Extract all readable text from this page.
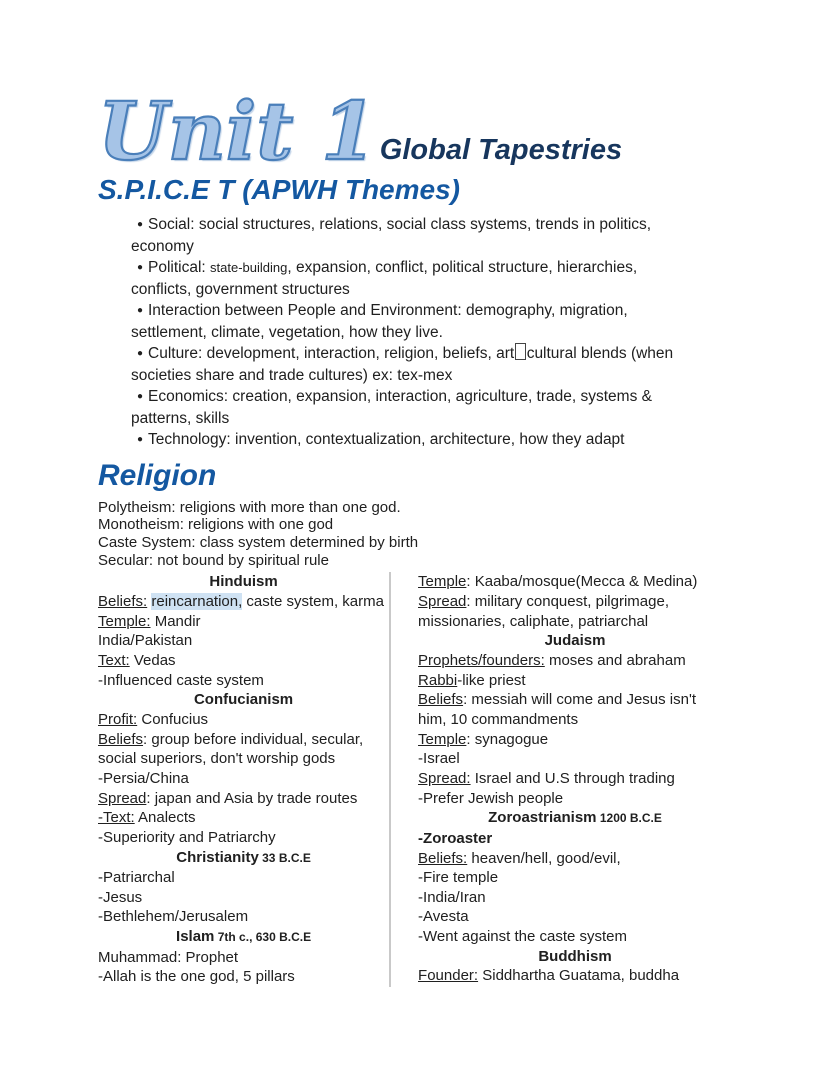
Unit 1 Global Tapestries
S.P.I.C.E T (APWH Themes)
● Social: social structures, relations, social class systems, trends in politics, economy
● Political: state-building, expansion, conflict, political structure, hierarchies, conflicts, government structures
● Interaction between People and Environment: demography, migration, settlement, climate, vegetation, how they live.
● Culture: development, interaction, religion, beliefs, art cultural blends (when societies share and trade cultures) ex: tex-mex
● Economics: creation, expansion, interaction, agriculture, trade, systems & patterns, skills
● Technology: invention, contextualization, architecture, how they adapt
Religion
Polytheism: religions with more than one god.
Monotheism: religions with one god
Caste System: class system determined by birth
Secular: not bound by spiritual rule
Hinduism
Beliefs: reincarnation, caste system, karma
Temple: Mandir
India/Pakistan
Text: Vedas
-Influenced caste system
Confucianism
Profit: Confucius
Beliefs: group before individual, secular,
social superiors, don't worship gods
-Persia/China
Spread: japan and Asia by trade routes
-Text: Analects
-Superiority and Patriarchy
Christianity 33 B.C.E
-Patriarchal
-Jesus
-Bethlehem/Jerusalem
Islam 7th c., 630 B.C.E
Muhammad: Prophet
-Allah is the one god, 5 pillars
Temple: Kaaba/mosque(Mecca & Medina)
Spread: military conquest, pilgrimage,
missionaries, caliphate, patriarchal
Judaism
Prophets/founders: moses and abraham
Rabbi-like priest
Beliefs: messiah will come and Jesus isn't
him, 10 commandments
Temple: synagogue
-Israel
Spread: Israel and U.S through trading
-Prefer Jewish people
Zoroastrianism 1200 B.C.E
-Zoroaster
Beliefs: heaven/hell, good/evil,
-Fire temple
-India/Iran
-Avesta
-Went against the caste system
Buddhism
Founder: Siddhartha Guatama, buddha
